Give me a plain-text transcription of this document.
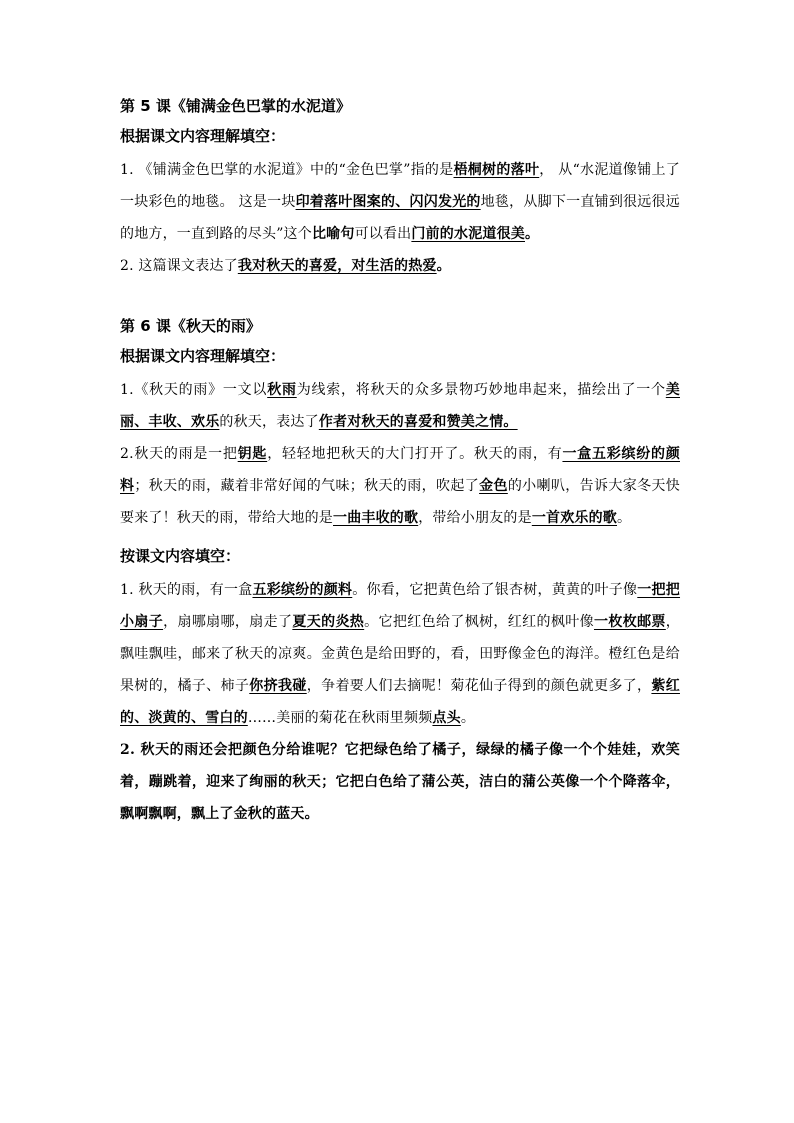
第 5 课《铺满金色巴掌的水泥道》
根据课文内容理解填空：

1. 《铺满金色巴掌的水泥道》中的“金色巴掌”指的是梧桐树的落叶， 从“水泥道像铺上了一块彩色的地毯。 这是一块印着落叶图案的、闪闪发光的地毯，从脚下一直铺到很远很远的地方，一直到路的尽头”这个比喻句可以看出门前的水泥道很美。

2. 这篇课文表达了我对秋天的喜爱，对生活的热爱。

第 6 课《秋天的雨》
根据课文内容理解填空：

1.《秋天的雨》一文以秋雨为线索，将秋天的众多景物巧妙地串起来，描绘出了一个美丽、丰收、欢乐的秋天，表达了作者对秋天的喜爱和赞美之情。

2.秋天的雨是一把钥匙，轻轻地把秋天的大门打开了。秋天的雨，有一盒五彩缤纷的颜料；秋天的雨，藏着非常好闻的气味；秋天的雨，吹起了金色的小喇叭，告诉大家冬天快要来了！秋天的雨，带给大地的是一曲丰收的歌，带给小朋友的是一首欢乐的歌。

按课文内容填空：

1. 秋天的雨，有一盒五彩缤纷的颜料。你看，它把黄色给了银杏树，黄黄的叶子像一把把小扇子，扇哪扇哪，扇走了夏天的炎热。它把红色给了枫树，红红的枫叶像一枚枚邮票，飘哇飘哇，邮来了秋天的凉爽。金黄色是给田野的，看，田野像金色的海洋。橙红色是给果树的，橘子、柿子你挤我碰，争着要人们去摘呢！菊花仙子得到的颜色就更多了，紫红的、淡黄的、雪白的……美丽的菊花在秋雨里频频点头。

2. 秋天的雨还会把颜色分给谁呢？它把绿色给了橘子，绿绿的橘子像一个个娃娃，欢笑着，蹦跳着，迎来了绚丽的秋天；它把白色给了蒲公英，洁白的蒲公英像一个个降落伞，飘啊飘啊，飘上了金秋的蓝天。
